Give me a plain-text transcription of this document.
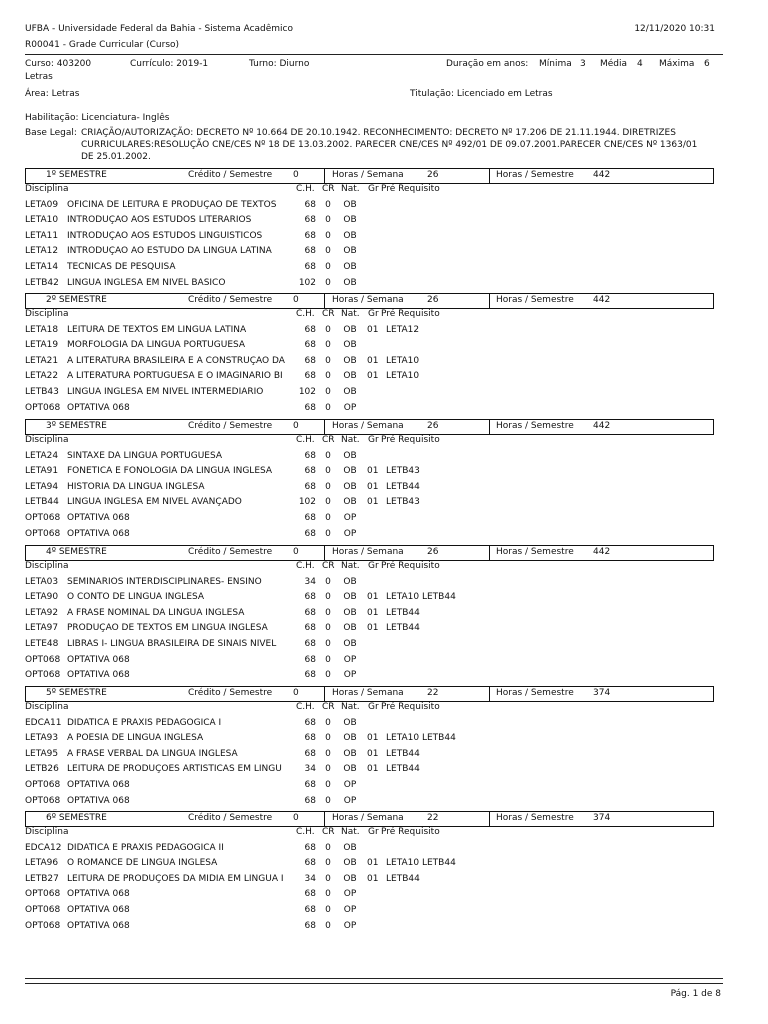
UFBA - Universidade Federal da Bahia - Sistema Acadêmico	12/11/2020 10:31
R00041 - Grade Curricular (Curso)
Curso: 403200	Currículo: 2019-1	Turno: Diurno	Duração em anos: Mínima 3 Média 4 Máxima 6
Letras
Área: Letras	Titulação: Licenciado em Letras
Habilitação: Licenciatura- Inglês
Base Legal: CRIAÇÃO/AUTORIZAÇÃO: DECRETO Nº 10.664 DE 20.10.1942. RECONHECIMENTO: DECRETO Nº 17.206 DE 21.11.1944. DIRETRIZES
CURRICULARES:RESOLUÇÃO CNE/CES Nº 18 DE 13.03.2002. PARECER CNE/CES Nº 492/01 DE 09.07.2001.PARECER CNE/CES Nº 1363/01
DE 25.01.2002.
1º SEMESTRE	Crédito / Semestre 0	Horas / Semana	26	Horas / Semestre 442
Disciplina	C.H. CR Nat. Gr Pré Requisito
LETA09 OFICINA DE LEITURA E PRODUÇÃO DE TEXTOS	68	0	OB
LETA10 INTRODUÇÃO AOS ESTUDOS LITERÁRIOS	68	0	OB
LETA11 INTRODUÇÃO AOS ESTUDOS LINGÜISTICOS	68	0	OB
LETA12 INTRODUÇÃO AO ESTUDO DA LINGUA LATINA	68	0	OB
LETA14 TÉCNICAS DE PESQUISA	68	0	OB
LETB42 LINGUA INGLESA EM NIVEL BÁSICO	102	0	OB
2º SEMESTRE	Crédito / Semestre 0	Horas / Semana	26	Horas / Semestre 442
Disciplina	C.H. CR Nat. Gr Pré Requisito
LETA18 LEITURA DE TEXTOS EM LINGUA LATINA	68	0	OB 01 LETA12
LETA19 MORFOLOGIA DA LINGUA PORTUGUESA	68	0	OB
LETA21 A LITERATURA BRASILEIRA E A CONSTRUÇÃO DA	68	0	OB 01 LETA10
LETA22 A LITERATURA PORTUGUESA E O IMAGINÁRIO BI	68	0	OB 01 LETA10
LETB43 LINGUA INGLESA EM NIVEL INTERMEDIÁRIO	102	0	OB
OPT068 OPTATIVA 068	68	0	OP
3º SEMESTRE	Crédito / Semestre 0	Horas / Semana	26	Horas / Semestre 442
Disciplina	C.H. CR Nat. Gr Pré Requisito
LETA24 SINTAXE DA LINGUA PORTUGUESA	68	0	OB
LETA91 FONÉTICA E FONOLOGIA DA LINGUA INGLESA	68	0	OB 01 LETB43
LETA94 HISTÓRIA DA LINGUA INGLESA	68	0	OB 01 LETB44
LETB44 LINGUA INGLESA EM NIVEL AVANÇADO	102	0	OB 01 LETB43
OPT068 OPTATIVA 068	68	0	OP
OPT068 OPTATIVA 068	68	0	OP
4º SEMESTRE	Crédito / Semestre 0	Horas / Semana	26	Horas / Semestre 442
Disciplina	C.H. CR Nat. Gr Pré Requisito
LETA03 SEMINÁRIOS INTERDISCIPLINARES- ENSINO	34	0	OB
LETA90 O CONTO DE LINGUA INGLESA	68	0	OB 01 LETA10 LETB44
LETA92 A FRASE NOMINAL DA LINGUA INGLESA	68	0	OB 01 LETB44
LETA97 PRODUÇÃO DE TEXTOS EM LINGUA INGLESA	68	0	OB 01 LETB44
LETE48 LIBRAS I- LÍNGUA BRASILEIRA DE SINAIS NIVEL	68	0	OB
OPT068 OPTATIVA 068	68	0	OP
OPT068 OPTATIVA 068	68	0	OP
5º SEMESTRE	Crédito / Semestre 0	Horas / Semana	22	Horas / Semestre 374
Disciplina	C.H. CR Nat. Gr Pré Requisito
EDCA11 DIDÁTICA E PRAXIS PEDAGÓGICA I	68	0	OB
LETA93 A POESIA DE LINGUA INGLESA	68	0	OB 01 LETA10 LETB44
LETA95 A FRASE VERBAL DA LINGUA INGLESA	68	0	OB 01 LETB44
LETB26 LEITURA DE PRODUÇÕES ARTISTICAS EM LINGU	34	0	OB 01 LETB44
OPT068 OPTATIVA 068	68	0	OP
OPT068 OPTATIVA 068	68	0	OP
6º SEMESTRE	Crédito / Semestre 0	Horas / Semana	22	Horas / Semestre 374
Disciplina	C.H. CR Nat. Gr Pré Requisito
EDCA12 DIDÁTICA E PRAXIS PEDAGÓGICA II	68	0	OB
LETA96 O ROMANCE DE LINGUA INGLESA	68	0	OB 01 LETA10 LETB44
LETB27 LEITURA DE PRODUÇÕES DA MIDIA EM LINGUA I	34	0	OB 01 LETB44
OPT068 OPTATIVA 068	68	0	OP
OPT068 OPTATIVA 068	68	0	OP
OPT068 OPTATIVA 068	68	0	OP
Pág. 1 de 8
